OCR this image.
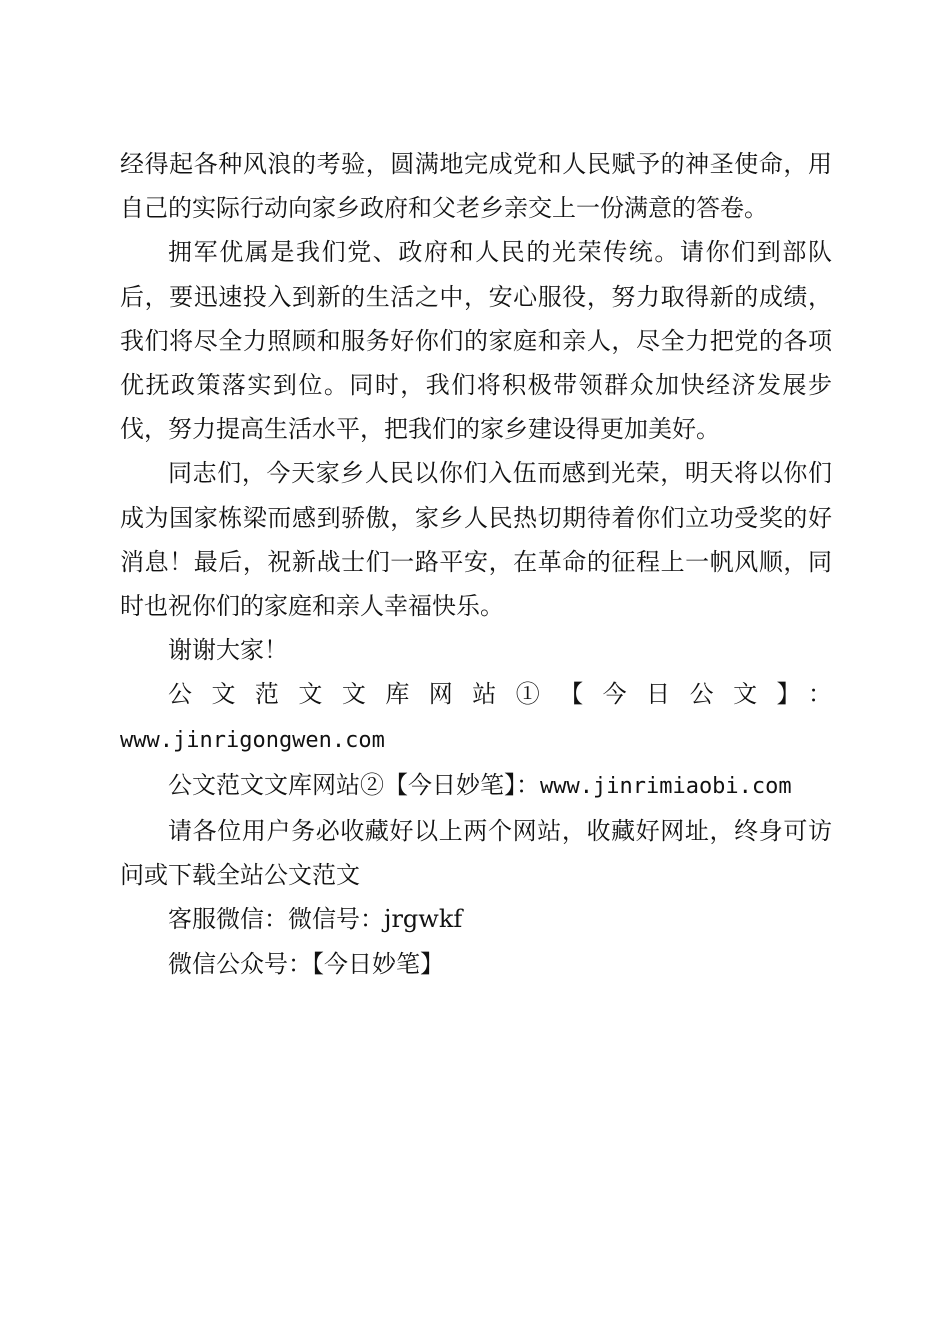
经得起各种风浪的考验，圆满地完成党和人民赋予的神圣使命，用自己的实际行动向家乡政府和父老乡亲交上一份满意的答卷。

拥军优属是我们党、政府和人民的光荣传统。请你们到部队后，要迅速投入到新的生活之中，安心服役，努力取得新的成绩，我们将尽全力照顾和服务好你们的家庭和亲人，尽全力把党的各项优抚政策落实到位。同时，我们将积极带领群众加快经济发展步伐，努力提高生活水平，把我们的家乡建设得更加美好。

同志们，今天家乡人民以你们入伍而感到光荣，明天将以你们成为国家栋梁而感到骄傲，家乡人民热切期待着你们立功受奖的好消息！最后，祝新战士们一路平安，在革命的征程上一帆风顺，同时也祝你们的家庭和亲人幸福快乐。

谢谢大家！

公文范文文库网站①【今日公文】：

www.jinrigongwen.com

公文范文文库网站②【今日妙笔】：www.jinrimiaobi.com

请各位用户务必收藏好以上两个网站，收藏好网址，终身可访问或下载全站公文范文

客服微信：微信号：jrgwkf

微信公众号：【今日妙笔】
